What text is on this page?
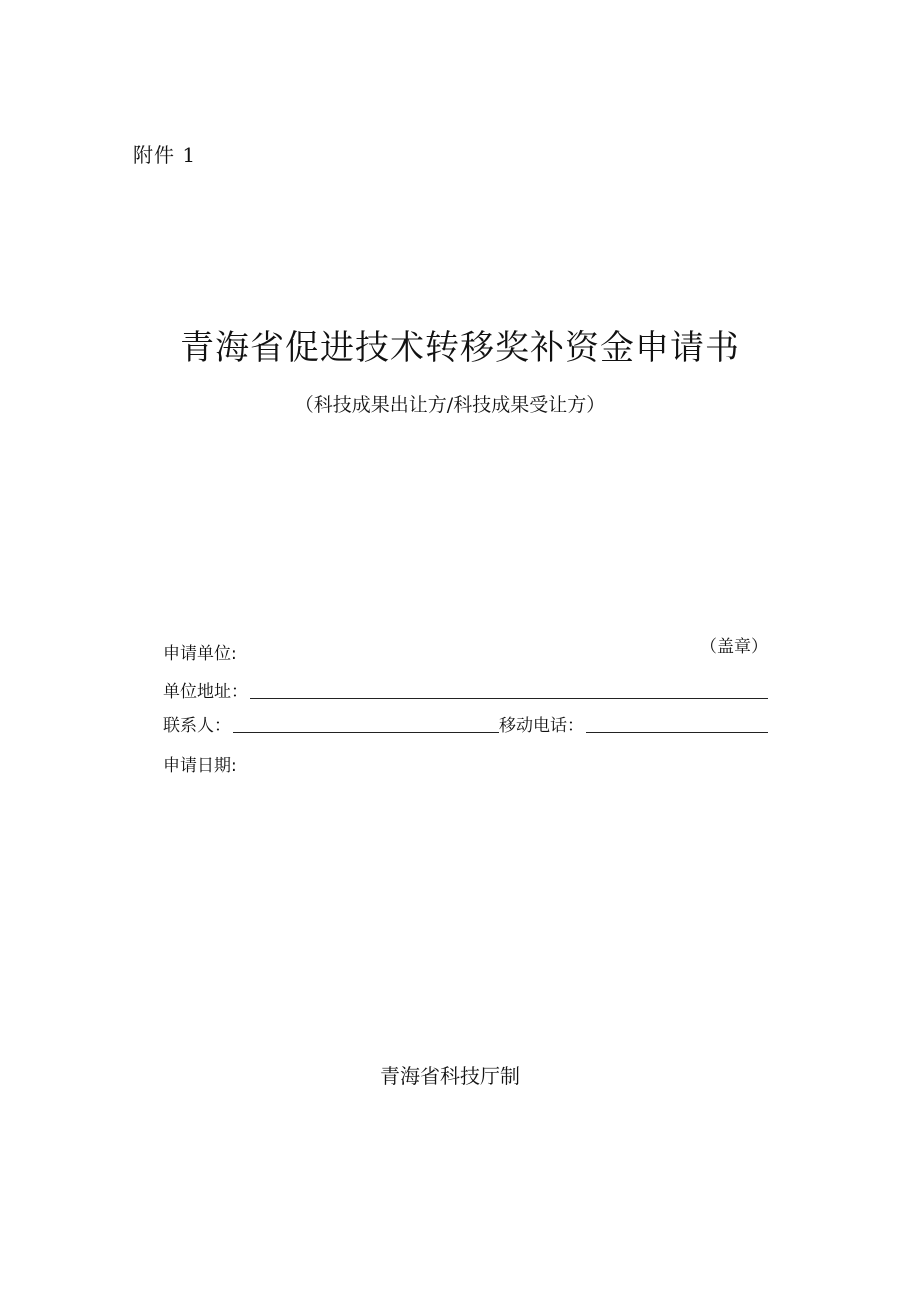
附件 1
青海省促进技术转移奖补资金申请书
（科技成果出让方/科技成果受让方）
申请单位:	（盖章）
单位地址：
联系人：	移动电话：
申请日期:
青海省科技厅制
